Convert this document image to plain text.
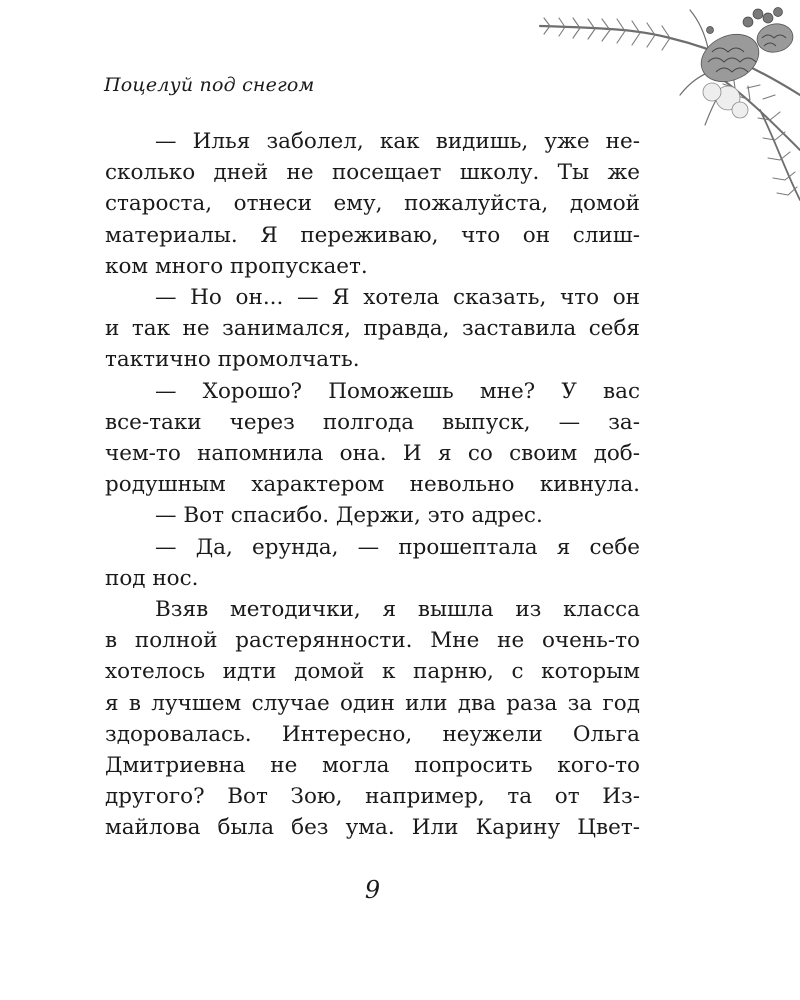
Поцелуй под снегом
— Илья заболел, как видишь, уже не-
сколько дней не посещает школу. Ты же
староста, отнеси ему, пожалуйста, домой
материалы. Я переживаю, что он слиш-
ком много пропускает.
— Но он... — Я хотела сказать, что он
и так не занимался, правда, заставила себя
тактично промолчать.
— Хорошо? Поможешь мне? У вас
все-таки через полгода выпуск, — за-
чем-то напомнила она. И я со своим доб-
родушным характером невольно кивнула.
— Вот спасибо. Держи, это адрес.
— Да, ерунда, — прошептала я себе
под нос.
Взяв методички, я вышла из класса
в полной растерянности. Мне не очень-то
хотелось идти домой к парню, с которым
я в лучшем случае один или два раза за год
здоровалась. Интересно, неужели Ольга
Дмитриевна не могла попросить кого-то
другого? Вот Зою, например, та от Из-
майлова была без ума. Или Карину Цвет-
9
